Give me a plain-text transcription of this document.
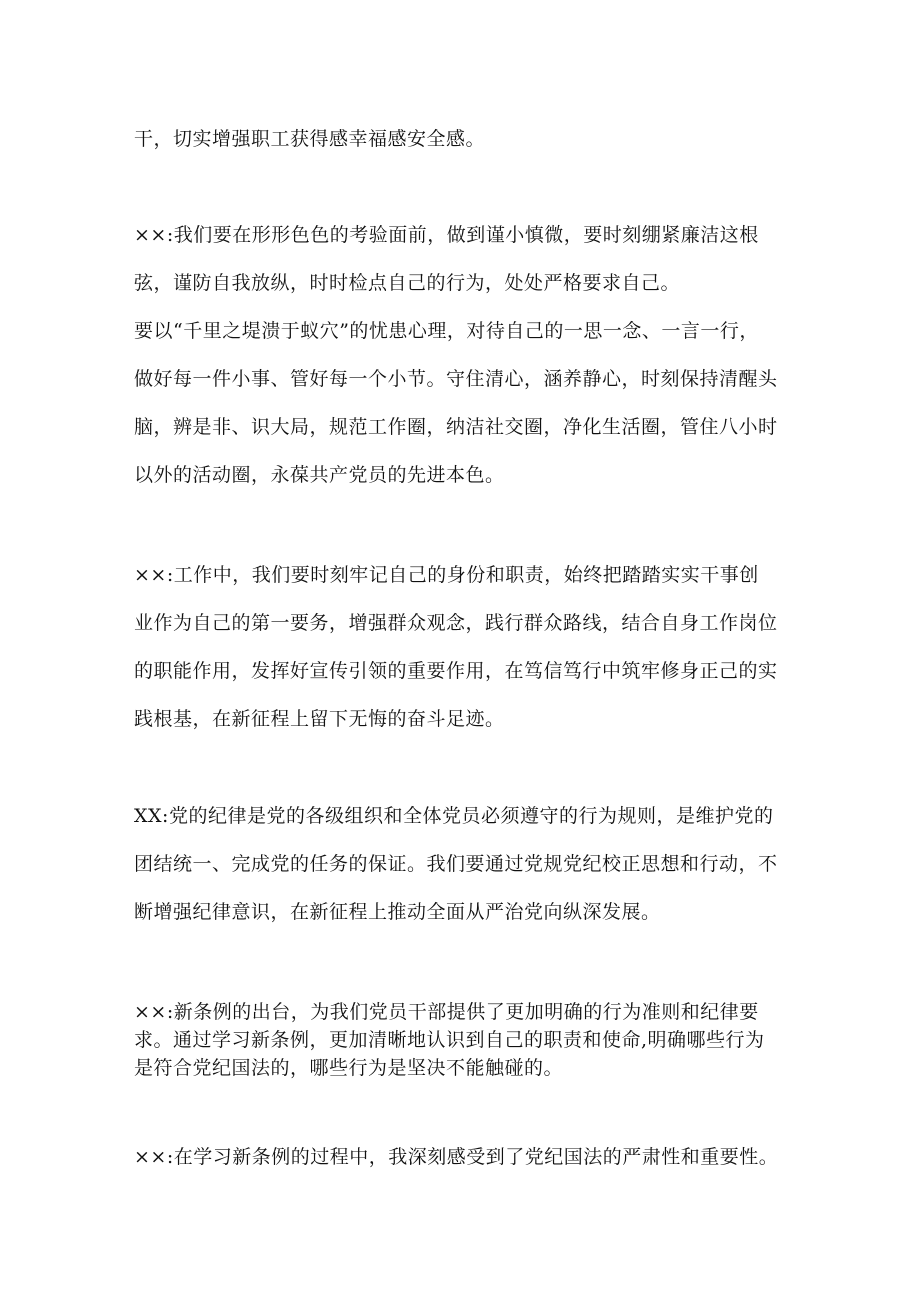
干，切实增强职工获得感幸福感安全感。
××:我们要在形形色色的考验面前，做到谨小慎微，要时刻绷紧廉洁这根
弦，谨防自我放纵，时时检点自己的行为，处处严格要求自己。
要以“千里之堤溃于蚁穴”的忧患心理，对待自己的一思一念、一言一行，
做好每一件小事、管好每一个小节。守住清心，涵养静心，时刻保持清醒头
脑，辨是非、识大局，规范工作圈，纳洁社交圈，净化生活圈，管住八小时
以外的活动圈，永葆共产党员的先进本色。
××:工作中，我们要时刻牢记自己的身份和职责，始终把踏踏实实干事创
业作为自己的第一要务，增强群众观念，践行群众路线，结合自身工作岗位
的职能作用，发挥好宣传引领的重要作用，在笃信笃行中筑牢修身正己的实
践根基，在新征程上留下无悔的奋斗足迹。
XX:党的纪律是党的各级组织和全体党员必须遵守的行为规则，是维护党的
团结统一、完成党的任务的保证。我们要通过党规党纪校正思想和行动，不
断增强纪律意识，在新征程上推动全面从严治党向纵深发展。
××:新条例的出台，为我们党员干部提供了更加明确的行为准则和纪律要
求。通过学习新条例，更加清晰地认识到自己的职责和使命,明确哪些行为
是符合党纪国法的，哪些行为是坚决不能触碰的。
××:在学习新条例的过程中，我深刻感受到了党纪国法的严肃性和重要性。
